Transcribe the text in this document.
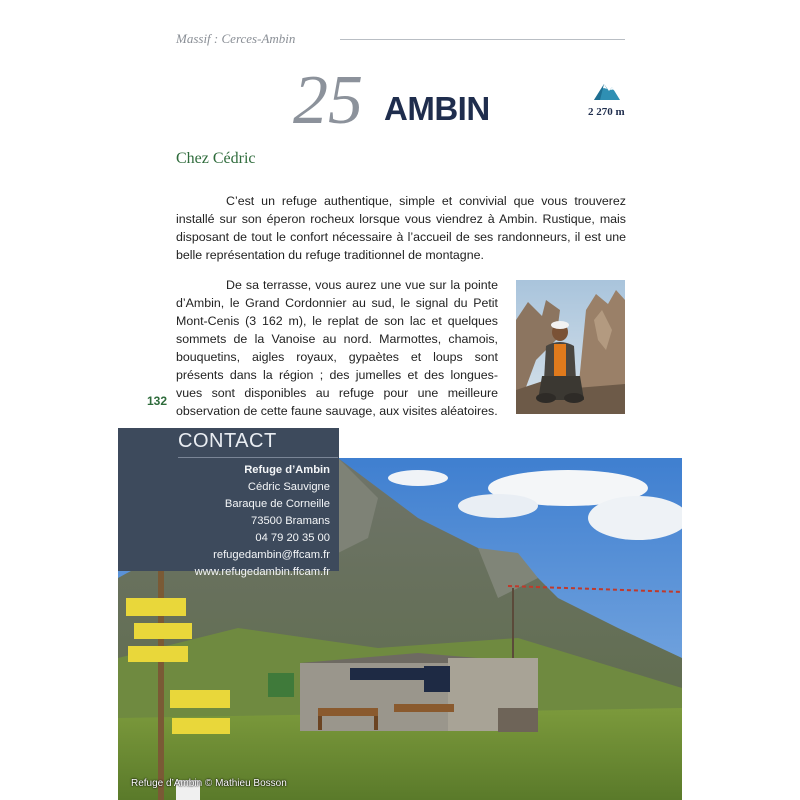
Massif : Cerces-Ambin
25 AMBIN	2 270 m
Chez Cédric
C’est un refuge authentique, simple et convivial que vous trouverez installé sur son éperon rocheux lorsque vous viendrez à Ambin. Rustique, mais disposant de tout le confort nécessaire à l’accueil de ses randonneurs, il est une belle représentation du refuge traditionnel de montagne.
De sa terrasse, vous aurez une vue sur la pointe d’Ambin, le Grand Cordonnier au sud, le signal du Petit Mont-Cenis (3 162 m), le replat de son lac et quelques sommets de la Vanoise au nord. Marmottes, chamois, bouquetins, aigles royaux, gypaètes et loups sont présents dans la région ; des jumelles et des longues-vues sont disponibles au refuge pour une meilleure observation de cette faune sauvage, aux visites aléatoires.
132
CONTACT
Refuge d’Ambin
Cédric Sauvigne
Baraque de Corneille
73500 Bramans
04 79 20 35 00
refugedambin@ffcam.fr
www.refugedambin.ffcam.fr
Refuge d’Ambin © Mathieu Bosson
